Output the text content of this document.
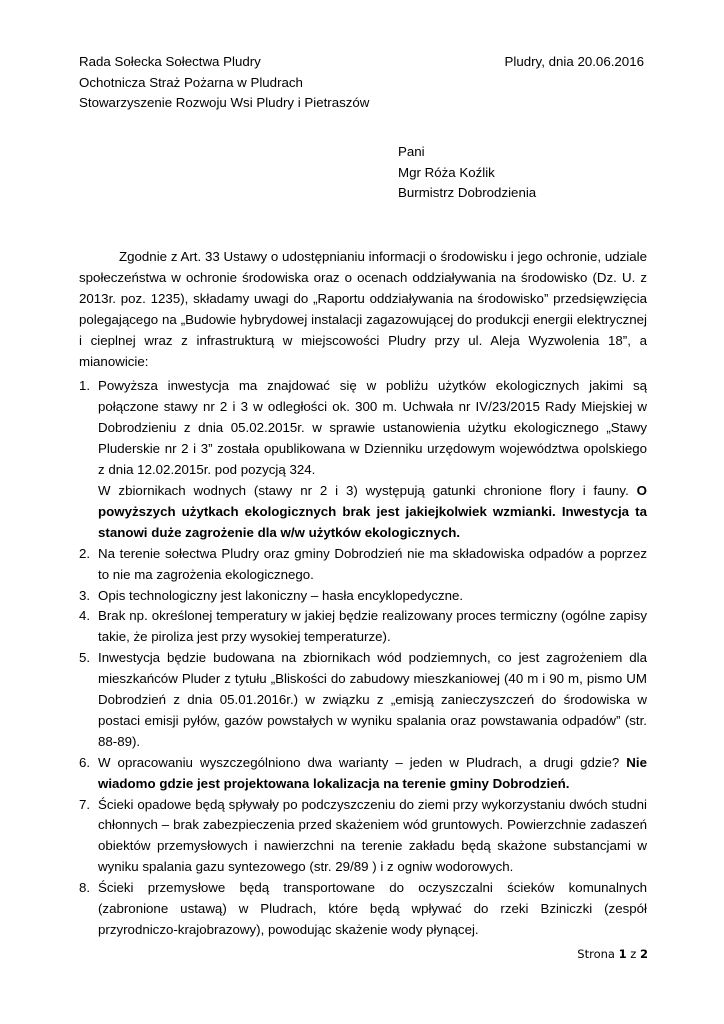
Rada Sołecka Sołectwa Pludry
Ochotnicza Straż Pożarna w Pludrach
Stowarzyszenie Rozwoju Wsi Pludry i Pietraszów
Pludry, dnia 20.06.2016
Pani
Mgr Róża Koźlik
Burmistrz Dobrodzienia

Zgodnie z Art. 33 Ustawy o udostępnianiu informacji o środowisku i jego ochronie, udziale społeczeństwa w ochronie środowiska oraz o ocenach oddziaływania na środowisko (Dz. U. z 2013r. poz. 1235), składamy uwagi do „Raportu oddziaływania na środowisko” przedsięwzięcia polegającego na „Budowie hybrydowej instalacji zagazowującej do produkcji energii elektrycznej i cieplnej wraz z infrastrukturą w miejscowości Pludry przy ul. Aleja Wyzwolenia 18”, a mianowicie:

1. Powyższa inwestycja ma znajdować się w pobliżu użytków ekologicznych jakimi są połączone stawy nr 2 i 3 w odległości ok. 300 m. Uchwała nr IV/23/2015 Rady Miejskiej w Dobrodzieniu z dnia 05.02.2015r. w sprawie ustanowienia użytku ekologicznego „Stawy Pluderskie nr 2 i 3” została opublikowana w Dzienniku urzędowym województwa opolskiego z dnia 12.02.2015r. pod pozycją 324.

W zbiornikach wodnych (stawy nr 2 i 3) występują gatunki chronione flory i fauny. O powyższych użytkach ekologicznych brak jest jakiejkolwiek wzmianki. Inwestycja ta stanowi duże zagrożenie dla w/w użytków ekologicznych.

2. Na terenie sołectwa Pludry oraz gminy Dobrodzień nie ma składowiska odpadów a poprzez to nie ma zagrożenia ekologicznego.

3. Opis technologiczny jest lakoniczny – hasła encyklopedyczne.

4. Brak np. określonej temperatury w jakiej będzie realizowany proces termiczny (ogólne zapisy takie, że piroliza jest przy wysokiej temperaturze).

5. Inwestycja będzie budowana na zbiornikach wód podziemnych, co jest zagrożeniem dla mieszkańców Pluder z tytułu „Bliskości do zabudowy mieszkaniowej (40 m i 90 m, pismo UM Dobrodzień z dnia 05.01.2016r.) w związku z „emisją zanieczyszczeń do środowiska w postaci emisji pyłów, gazów powstałych w wyniku spalania oraz powstawania odpadów” (str. 88-89).

6. W opracowaniu wyszczególniono dwa warianty – jeden w Pludrach, a drugi gdzie? Nie wiadomo gdzie jest projektowana lokalizacja na terenie gminy Dobrodzień.

7. Ścieki opadowe będą spływały po podczyszczeniu do ziemi przy wykorzystaniu dwóch studni chłonnych – brak zabezpieczenia przed skażeniem wód gruntowych. Powierzchnie zadaszeń obiektów przemysłowych i nawierzchni na terenie zakładu będą skażone substancjami w wyniku spalania gazu syntezowego (str. 29/89 ) i z ogniw wodorowych.

8. Ścieki przemysłowe będą transportowane do oczyszczalni ścieków komunalnych (zabronione ustawą) w Pludrach, które będą wpływać do rzeki Bziniczki (zespół przyrodniczo-krajobrazowy), powodując skażenie wody płynącej.

Strona 1 z 2
